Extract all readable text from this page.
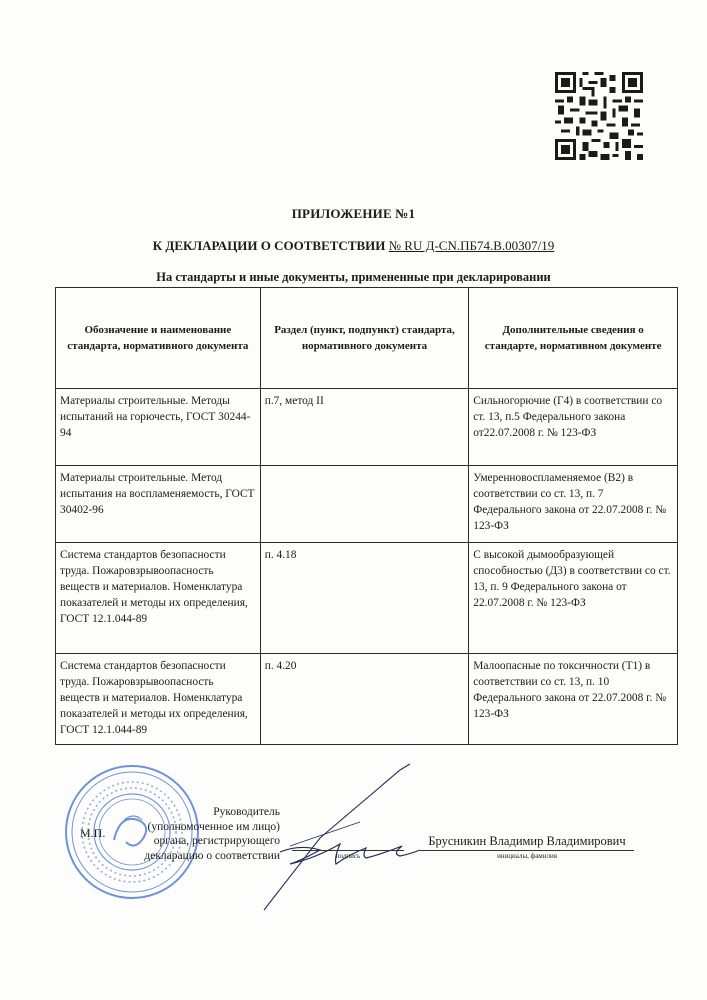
ПРИЛОЖЕНИЕ №1
К ДЕКЛАРАЦИИ О СООТВЕТСТВИИ № RU Д-CN.ПБ74.В.00307/19
На стандарты и иные документы, примененные при декларировании
Обозначение и наименование стандарта, нормативного документа	Раздел (пункт, подпункт) стандарта, нормативного документа	Дополнительные сведения о стандарте, нормативном документе
Материалы строительные. Методы испытаний на горючесть, ГОСТ 30244-94	п.7, метод II	Сильногорючие (Г4) в соответствии со ст. 13, п.5 Федерального закона от22.07.2008 г. № 123-ФЗ
Материалы строительные. Метод испытания на воспламеняемость, ГОСТ 30402-96		Умеренновоспламеняемое (В2) в соответствии со ст. 13, п. 7 Федерального закона от 22.07.2008 г. № 123-ФЗ
Система стандартов безопасности труда. Пожаровзрывоопасность веществ и материалов. Номенклатура показателей и методы их определения, ГОСТ 12.1.044-89	п. 4.18	С высокой дымообразующей способностью (Д3) в соответствии со ст. 13, п. 9 Федерального закона от 22.07.2008 г. № 123-ФЗ
Система стандартов безопасности труда. Пожаровзрывоопасность веществ и материалов. Номенклатура показателей и методы их определения, ГОСТ 12.1.044-89	п. 4.20	Малоопасные по токсичности (Т1) в соответствии со ст. 13, п. 10 Федерального закона от 22.07.2008 г. № 123-ФЗ
М.П.
Руководитель
(уполномоченное им лицо)
органа, регистрирующего
декларацию о соответствии	подпись
Брусникин Владимир Владимирович
инициалы, фамилия
